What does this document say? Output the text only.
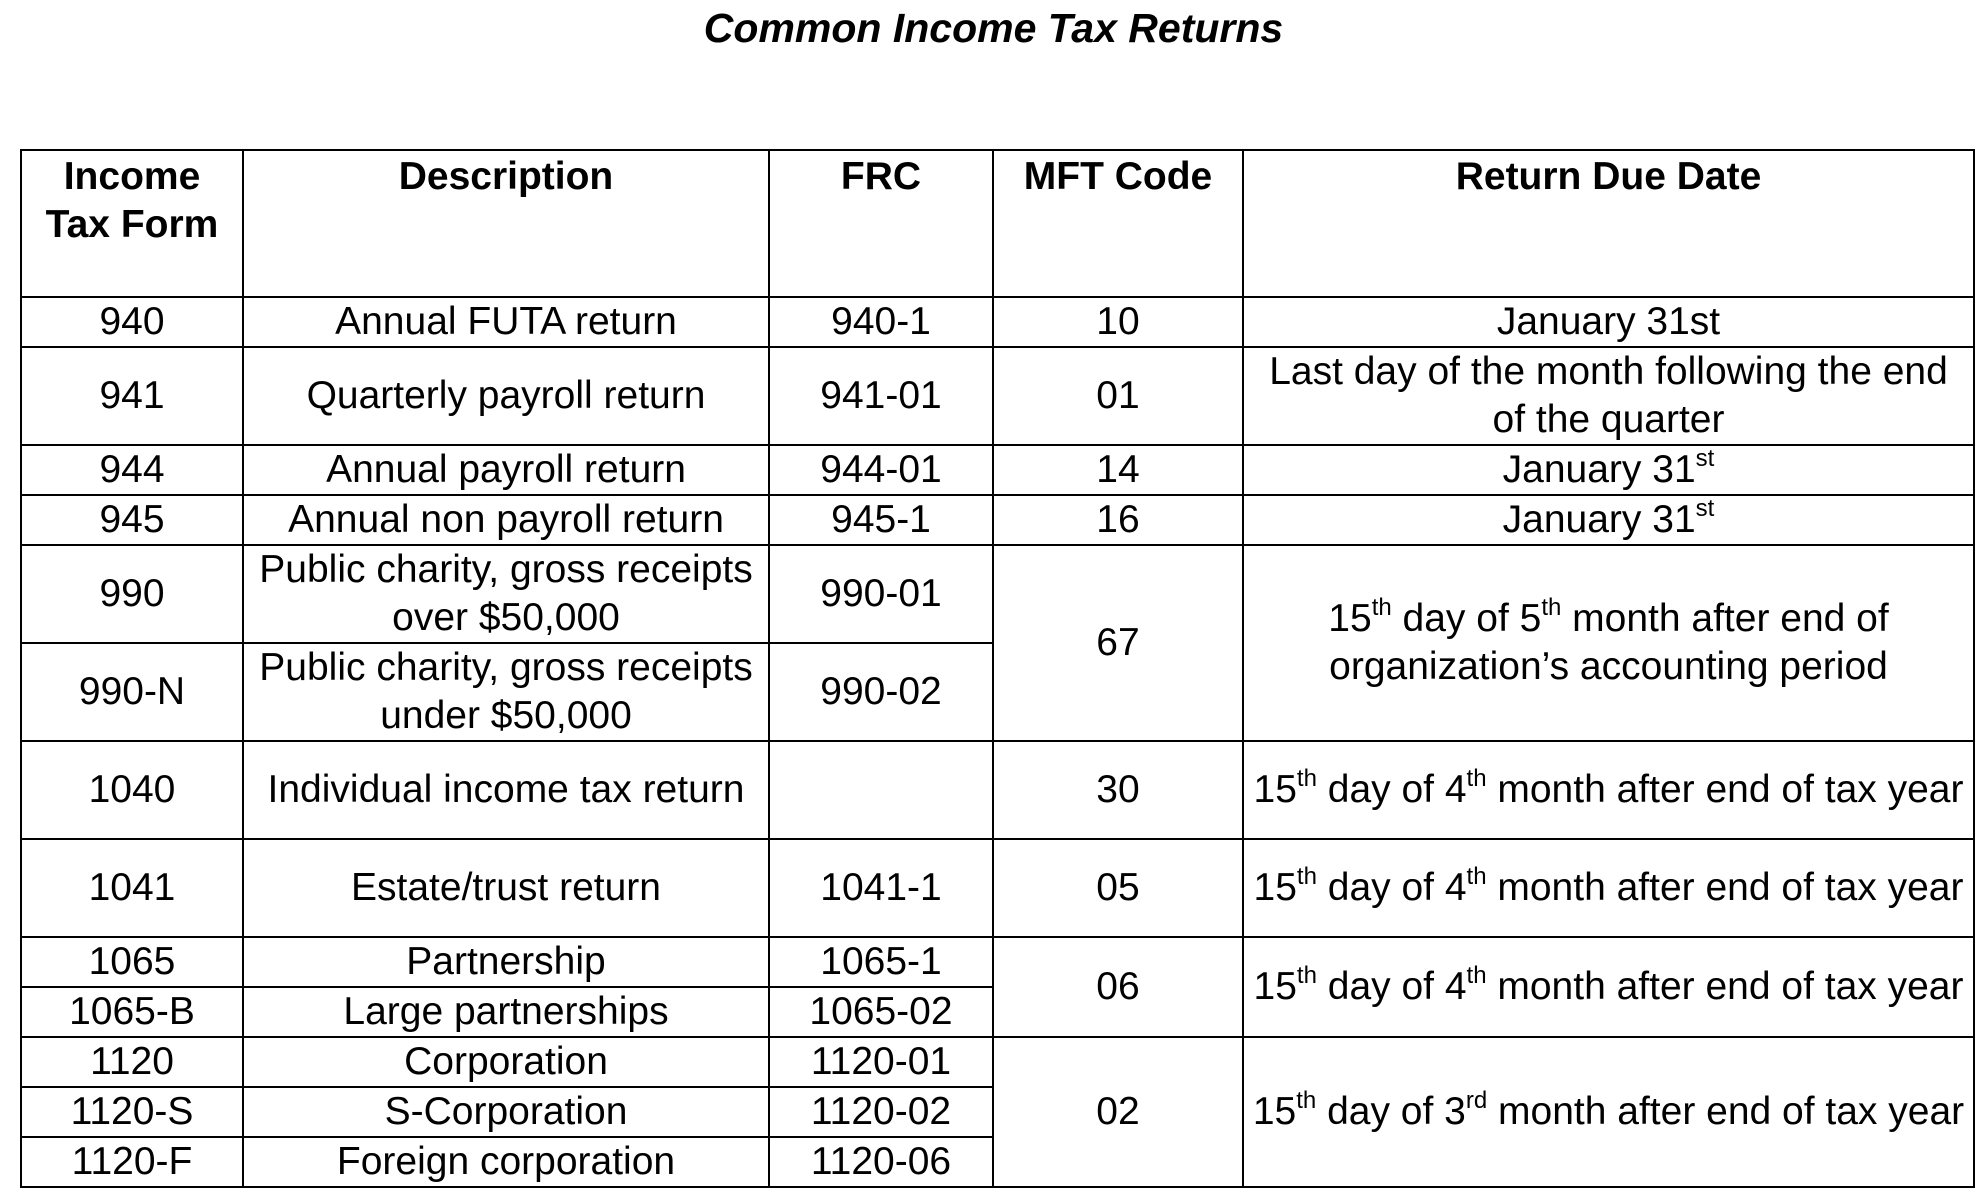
Common Income Tax Returns
Income Tax Form	Description	FRC	MFT Code	Return Due Date
940	Annual FUTA return	940-1	10	January 31st
941	Quarterly payroll return	941-01	01	Last day of the month following the end of the quarter
944	Annual payroll return	944-01	14	January 31st
945	Annual non payroll return	945-1	16	January 31st
990	Public charity, gross receipts over $50,000	990-01	67	15th day of 5th month after end of organization’s accounting period
990-N	Public charity, gross receipts under $50,000	990-02		
1040	Individual income tax return		30	15th day of 4th month after end of tax year
1041	Estate/trust return	1041-1	05	15th day of 4th month after end of tax year
1065	Partnership	1065-1	06	15th day of 4th month after end of tax year
1065-B	Large partnerships	1065-02		
1120	Corporation	1120-01	02	15th day of 3rd month after end of tax year
1120-S	S-Corporation	1120-02		
1120-F	Foreign corporation	1120-06		
